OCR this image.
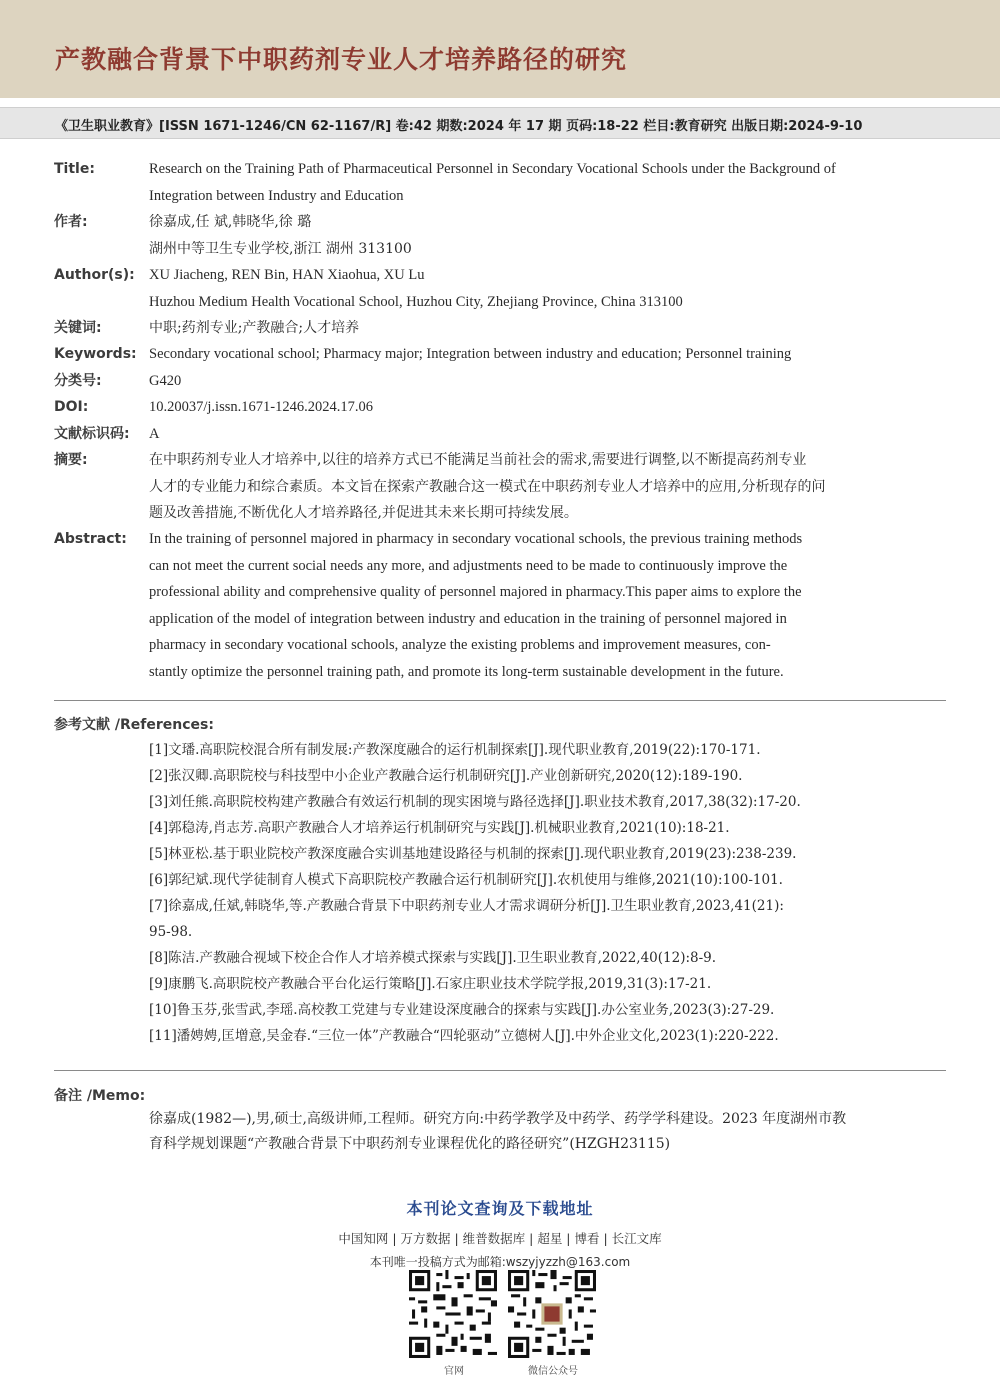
产教融合背景下中职药剂专业人才培养路径的研究

《卫生职业教育》[ISSN 1671-1246/CN 62-1167/R] 卷:42 期数:2024 年 17 期 页码:18-22 栏目:教育研究 出版日期:2024-9-10

Title:	Research on the Training Path of Pharmaceutical Personnel in Secondary Vocational Schools under the Background of
Integration between Industry and Education
作者:	徐嘉成,任 斌,韩晓华,徐 璐
湖州中等卫生专业学校,浙江 湖州 313100
Author(s): XU Jiacheng, REN Bin, HAN Xiaohua, XU Lu
Huzhou Medium Health Vocational School, Huzhou City, Zhejiang Province, China 313100
关键词:	中职;药剂专业;产教融合;人才培养
Keywords: Secondary vocational school; Pharmacy major; Integration between industry and education; Personnel training
分类号:	G420
DOI:	10.20037/j.issn.1671-1246.2024.17.06
文献标识码: A
摘要:	在中职药剂专业人才培养中,以往的培养方式已不能满足当前社会的需求,需要进行调整,以不断提高药剂专业
人才的专业能力和综合素质。本文旨在探索产教融合这一模式在中职药剂专业人才培养中的应用,分析现存的问
题及改善措施,不断优化人才培养路径,并促进其未来长期可持续发展。
Abstract: In the training of personnel majored in pharmacy in secondary vocational schools, the previous training methods
can not meet the current social needs any more, and adjustments need to be made to continuously improve the
professional ability and comprehensive quality of personnel majored in pharmacy.This paper aims to explore the
application of the model of integration between industry and education in the training of personnel majored in
pharmacy in secondary vocational schools, analyze the existing problems and improvement measures, con-
stantly optimize the personnel training path, and promote its long-term sustainable development in the future.
参考文献 /References:
[1]文璠.高职院校混合所有制发展:产教深度融合的运行机制探索[J].现代职业教育,2019(22):170-171.
[2]张汉卿.高职院校与科技型中小企业产教融合运行机制研究[J].产业创新研究,2020(12):189-190.
[3]刘任熊.高职院校构建产教融合有效运行机制的现实困境与路径选择[J].职业技术教育,2017,38(32):17-20.
[4]郭稳涛,肖志芳.高职产教融合人才培养运行机制研究与实践[J].机械职业教育,2021(10):18-21.
[5]林亚松.基于职业院校产教深度融合实训基地建设路径与机制的探索[J].现代职业教育,2019(23):238-239.
[6]郭纪斌.现代学徒制育人模式下高职院校产教融合运行机制研究[J].农机使用与维修,2021(10):100-101.
[7]徐嘉成,任斌,韩晓华,等.产教融合背景下中职药剂专业人才需求调研分析[J].卫生职业教育,2023,41(21):
95-98.
[8]陈洁.产教融合视域下校企合作人才培养模式探索与实践[J].卫生职业教育,2022,40(12):8-9.
[9]康鹏飞.高职院校产教融合平台化运行策略[J].石家庄职业技术学院学报,2019,31(3):17-21.
[10]鲁玉芬,张雪武,李瑶.高校教工党建与专业建设深度融合的探索与实践[J].办公室业务,2023(3):27-29.
[11]潘娉娉,匡增意,吴金春.“三位一体”产教融合“四轮驱动”立德树人[J].中外企业文化,2023(1):220-222.
备注 /Memo:
徐嘉成(1982—),男,硕士,高级讲师,工程师。研究方向:中药学教学及中药学、药学学科建设。2023 年度湖州市教
育科学规划课题“产教融合背景下中职药剂专业课程优化的路径研究”(HZGH23115)
本刊论文查询及下载地址
中国知网 | 万方数据 | 维普数据库 | 超星 | 博看 | 长江文库
本刊唯一投稿方式为邮箱:wszyjyzzh@163.com
官网	微信公众号
